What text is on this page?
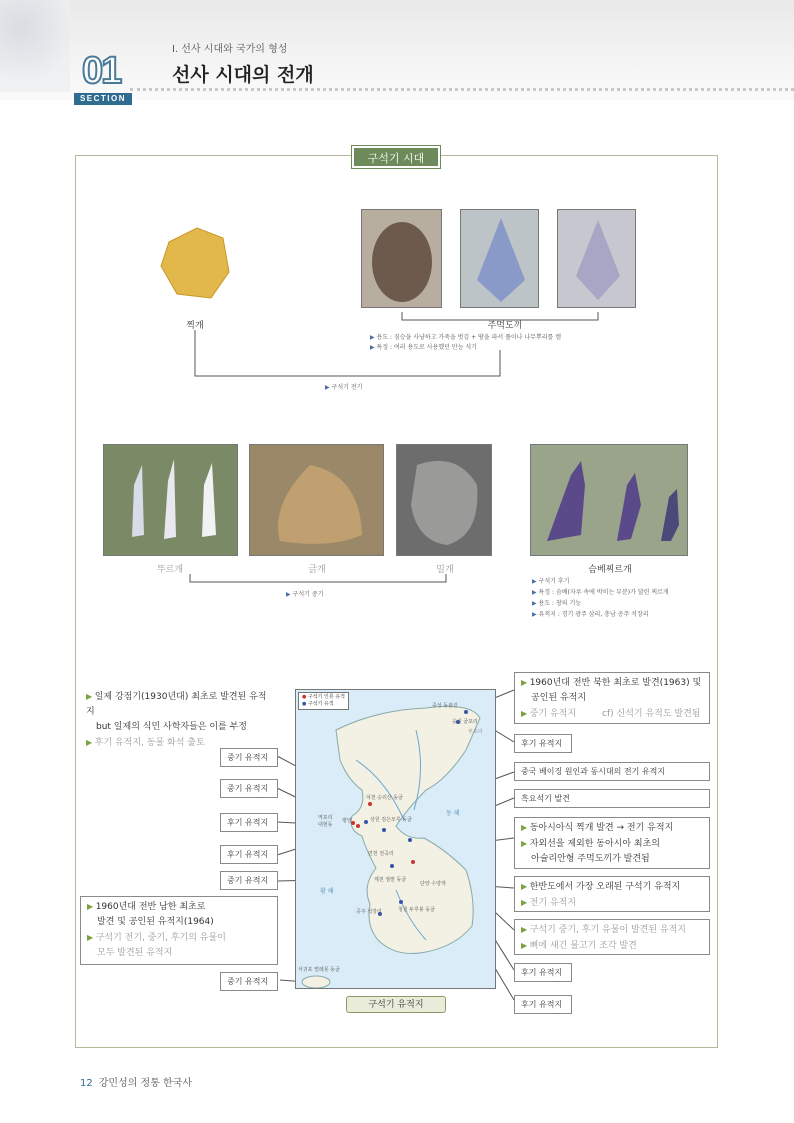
01
SECTION
Ⅰ. 선사 시대와 국가의 형성
선사 시대의 전개
구석기 시대
찍개	주먹도끼
▶ 용도 : 짐승을 사냥하고 가죽을 벗김 + 땅을 파서 풀이나 나무뿌리를 캠
▶ 특징 : 여러 용도로 사용했던 만능 석기
▶ 구석기 전기
뚜르개	긁개	밀개
▶ 구석기 중기
슴베찌르개
▶ 구석기 후기
▶ 특징 : 슴베(자루 속에 박히는 부분)가 달린 찌르개
▶ 용도 : 창의 기능
▶ 유적지 : 경기 광주 삼리, 충남 공주 석장리
● 구석기 인류 유적
● 구석기 유적	종성 동관진
웅기 굴포리
부포리
덕천 승리산 동굴
역포리
대현동
평양	상원 검은모루 동굴
연천 전곡리
단양 수양개
청원 두루봉 동굴
공주 석장리
제천 점말 동굴
서귀포 빌레못 동굴
동 해
황 해
구석기 유적지
▶ 일제 강점기(1930년대) 최초로 발견된 유적지
but 일제의 식민 사학자들은 이를 부정
▶ 후기 유적지, 동물 화석 출토
중기 유적지
중기 유적지
후기 유적지
후기 유적지
중기 유적지
▶ 1960년대 전반 남한 최초로
발견 및 공인된 유적지(1964)
▶ 구석기 전기, 중기, 후기의 유물이
모두 발견된 유적지
중기 유적지
▶ 1960년대 전반 북한 최초로 발견(1963) 및
공인된 유적지
▶ 중기 유적지	cf) 신석기 유적도 발견됨
후기 유적지
중국 베이징 원인과 동시대의 전기 유적지
흑요석기 발견
▶ 동아시아식 찍개 발견 → 전기 유적지
▶ 자외선을 제외한 동아시아 최초의
아슐리안형 주먹도끼가 발견됨
▶ 한반도에서 가장 오래된 구석기 유적지
▶ 전기 유적지
▶ 구석기 중기, 후기 유물이 발견된 유적지
▶ 뼈에 새긴 물고기 조각 발견
후기 유적지
후기 유적지
12 강민성의 정통 한국사
